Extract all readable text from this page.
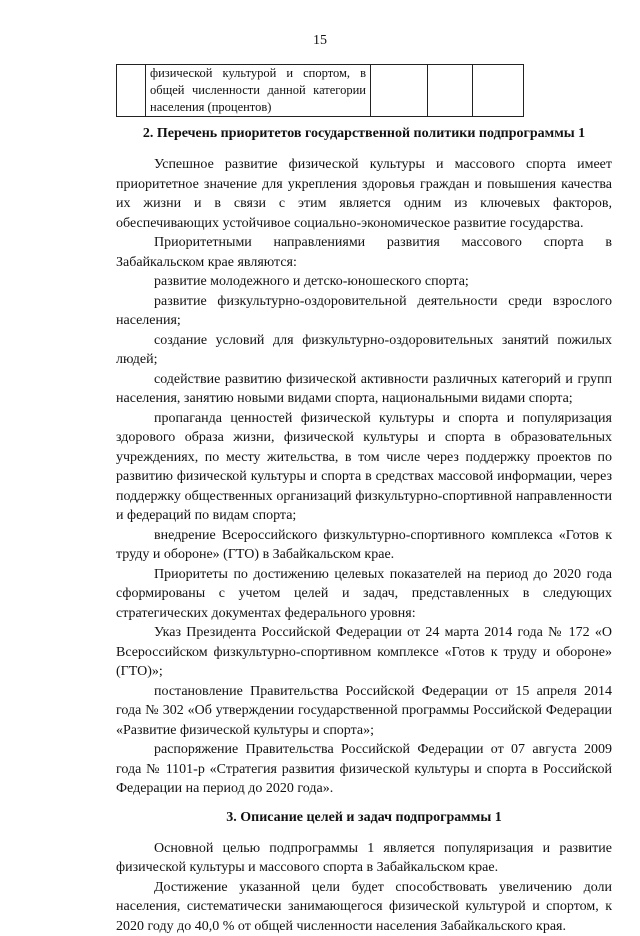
15
	физической культурой и спортом, в общей численности данной категории населения (процентов)			
2. Перечень приоритетов государственной политики подпрограммы 1

Успешное развитие физической культуры и массового спорта имеет приоритетное значение для укрепления здоровья граждан и повышения качества их жизни и в связи с этим является одним из ключевых факторов, обеспечивающих устойчивое социально-экономическое развитие государства.

Приоритетными направлениями развития массового спорта в Забайкальском крае являются:

развитие молодежного и детско-юношеского спорта;

развитие физкультурно-оздоровительной деятельности среди взрослого населения;

создание условий для физкультурно-оздоровительных занятий пожилых людей;

содействие развитию физической активности различных категорий и групп населения, занятию новыми видами спорта, национальными видами спорта;

пропаганда ценностей физической культуры и спорта и популяризация здорового образа жизни, физической культуры и спорта в образовательных учреждениях, по месту жительства, в том числе через поддержку проектов по развитию физической культуры и спорта в средствах массовой информации, через поддержку общественных организаций физкультурно-спортивной направленности и федераций по видам спорта;

внедрение Всероссийского физкультурно-спортивного комплекса «Готов к труду и обороне» (ГТО) в Забайкальском крае.

Приоритеты по достижению целевых показателей на период до 2020 года сформированы с учетом целей и задач, представленных в следующих стратегических документах федерального уровня:

Указ Президента Российской Федерации от 24 марта 2014 года № 172 «О Всероссийском физкультурно-спортивном комплексе «Готов к труду и обороне» (ГТО)»;

постановление Правительства Российской Федерации от 15 апреля 2014 года № 302 «Об утверждении государственной программы Российской Федерации «Развитие физической культуры и спорта»;

распоряжение Правительства Российской Федерации от 07 августа 2009 года № 1101-р «Стратегия развития физической культуры и спорта в Российской Федерации на период до 2020 года».

3. Описание целей и задач подпрограммы 1

Основной целью подпрограммы 1 является популяризация и развитие физической культуры и массового спорта в Забайкальском крае.

Достижение указанной цели будет способствовать увеличению доли населения, систематически занимающегося физической культурой и спортом, к 2020 году до 40,0 % от общей численности населения Забайкальского края.
